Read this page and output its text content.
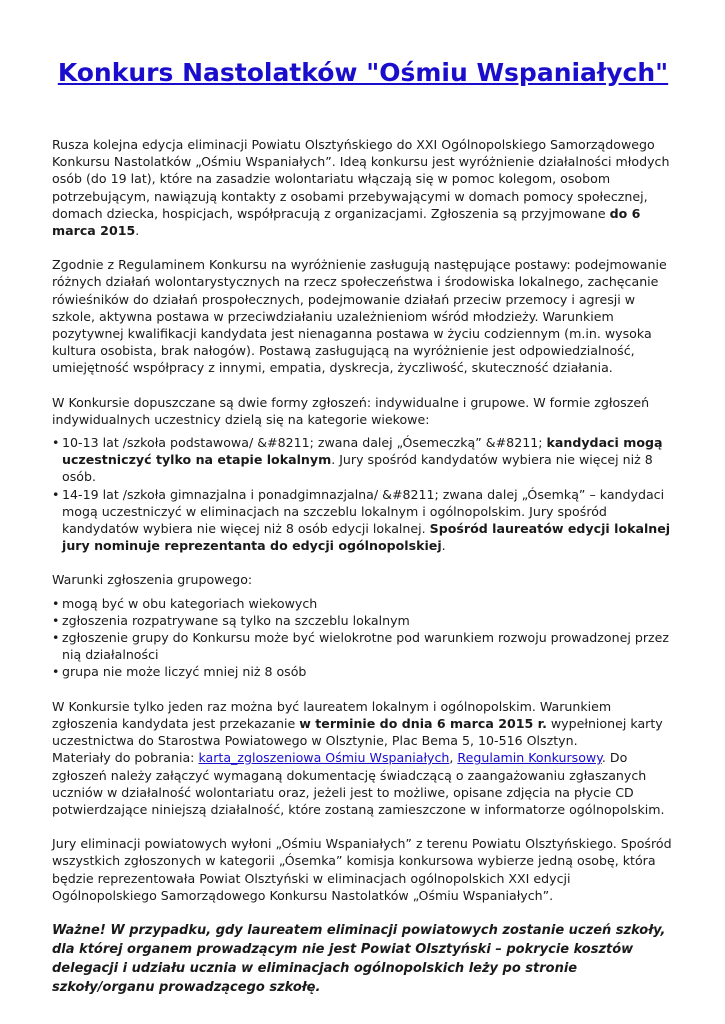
Konkurs Nastolatków "Ośmiu Wspaniałych"

Rusza kolejna edycja eliminacji Powiatu Olsztyńskiego do XXI Ogólnopolskiego Samorządowego Konkursu Nastolatków „Ośmiu Wspaniałych”. Ideą konkursu jest wyróżnienie działalności młodych osób (do 19 lat), które na zasadzie wolontariatu włączają się w pomoc kolegom, osobom potrzebującym, nawiązują kontakty z osobami przebywającymi w domach pomocy społecznej, domach dziecka, hospicjach, współpracują z organizacjami. Zgłoszenia są przyjmowane do 6 marca 2015.

Zgodnie z Regulaminem Konkursu na wyróżnienie zasługują następujące postawy: podejmowanie różnych działań wolontarystycznych na rzecz społeczeństwa i środowiska lokalnego, zachęcanie rówieśników do działań prospołecznych, podejmowanie działań przeciw przemocy i agresji w szkole, aktywna postawa w przeciwdziałaniu uzależnieniom wśród młodzieży. Warunkiem pozytywnej kwalifikacji kandydata jest nienaganna postawa w życiu codziennym (m.in. wysoka kultura osobista, brak nałogów). Postawą zasługującą na wyróżnienie jest odpowiedzialność, umiejętność współpracy z innymi, empatia, dyskrecja, życzliwość, skuteczność działania.

W Konkursie dopuszczane są dwie formy zgłoszeń: indywidualne i grupowe. W formie zgłoszeń indywidualnych uczestnicy dzielą się na kategorie wiekowe:

• 10-13 lat /szkoła podstawowa/ &#8211; zwana dalej „Ósemeczką” &#8211; kandydaci mogą uczestniczyć tylko na etapie lokalnym. Jury spośród kandydatów wybiera nie więcej niż 8 osób.
• 14-19 lat /szkoła gimnazjalna i ponadgimnazjalna/ &#8211; zwana dalej „Ósemką” – kandydaci mogą uczestniczyć w eliminacjach na szczeblu lokalnym i ogólnopolskim. Jury spośród kandydatów wybiera nie więcej niż 8 osób edycji lokalnej. Spośród laureatów edycji lokalnej jury nominuje reprezentanta do edycji ogólnopolskiej.

Warunki zgłoszenia grupowego:

• mogą być w obu kategoriach wiekowych
• zgłoszenia rozpatrywane są tylko na szczeblu lokalnym
• zgłoszenie grupy do Konkursu może być wielokrotne pod warunkiem rozwoju prowadzonej przez nią działalności
• grupa nie może liczyć mniej niż 8 osób

W Konkursie tylko jeden raz można być laureatem lokalnym i ogólnopolskim. Warunkiem zgłoszenia kandydata jest przekazanie w terminie do dnia 6 marca 2015 r. wypełnionej karty uczestnictwa do Starostwa Powiatowego w Olsztynie, Plac Bema 5, 10-516 Olsztyn.
Materiały do pobrania: karta_zgloszeniowa Ośmiu Wspaniałych, Regulamin Konkursowy. Do zgłoszeń należy załączyć wymaganą dokumentację świadczącą o zaangażowaniu zgłaszanych uczniów w działalność wolontariatu oraz, jeżeli jest to możliwe, opisane zdjęcia na płycie CD potwierdzające niniejszą działalność, które zostaną zamieszczone w informatorze ogólnopolskim.

Jury eliminacji powiatowych wyłoni „Ośmiu Wspaniałych” z terenu Powiatu Olsztyńskiego. Spośród wszystkich zgłoszonych w kategorii „Ósemka” komisja konkursowa wybierze jedną osobę, która będzie reprezentowała Powiat Olsztyński w eliminacjach ogólnopolskich XXI edycji Ogólnopolskiego Samorządowego Konkursu Nastolatków „Ośmiu Wspaniałych”.

Ważne! W przypadku, gdy laureatem eliminacji powiatowych zostanie uczeń szkoły, dla której organem prowadzącym nie jest Powiat Olsztyński – pokrycie kosztów delegacji i udziału ucznia w eliminacjach ogólnopolskich leży po stronie szkoły/organu prowadzącego szkołę.
